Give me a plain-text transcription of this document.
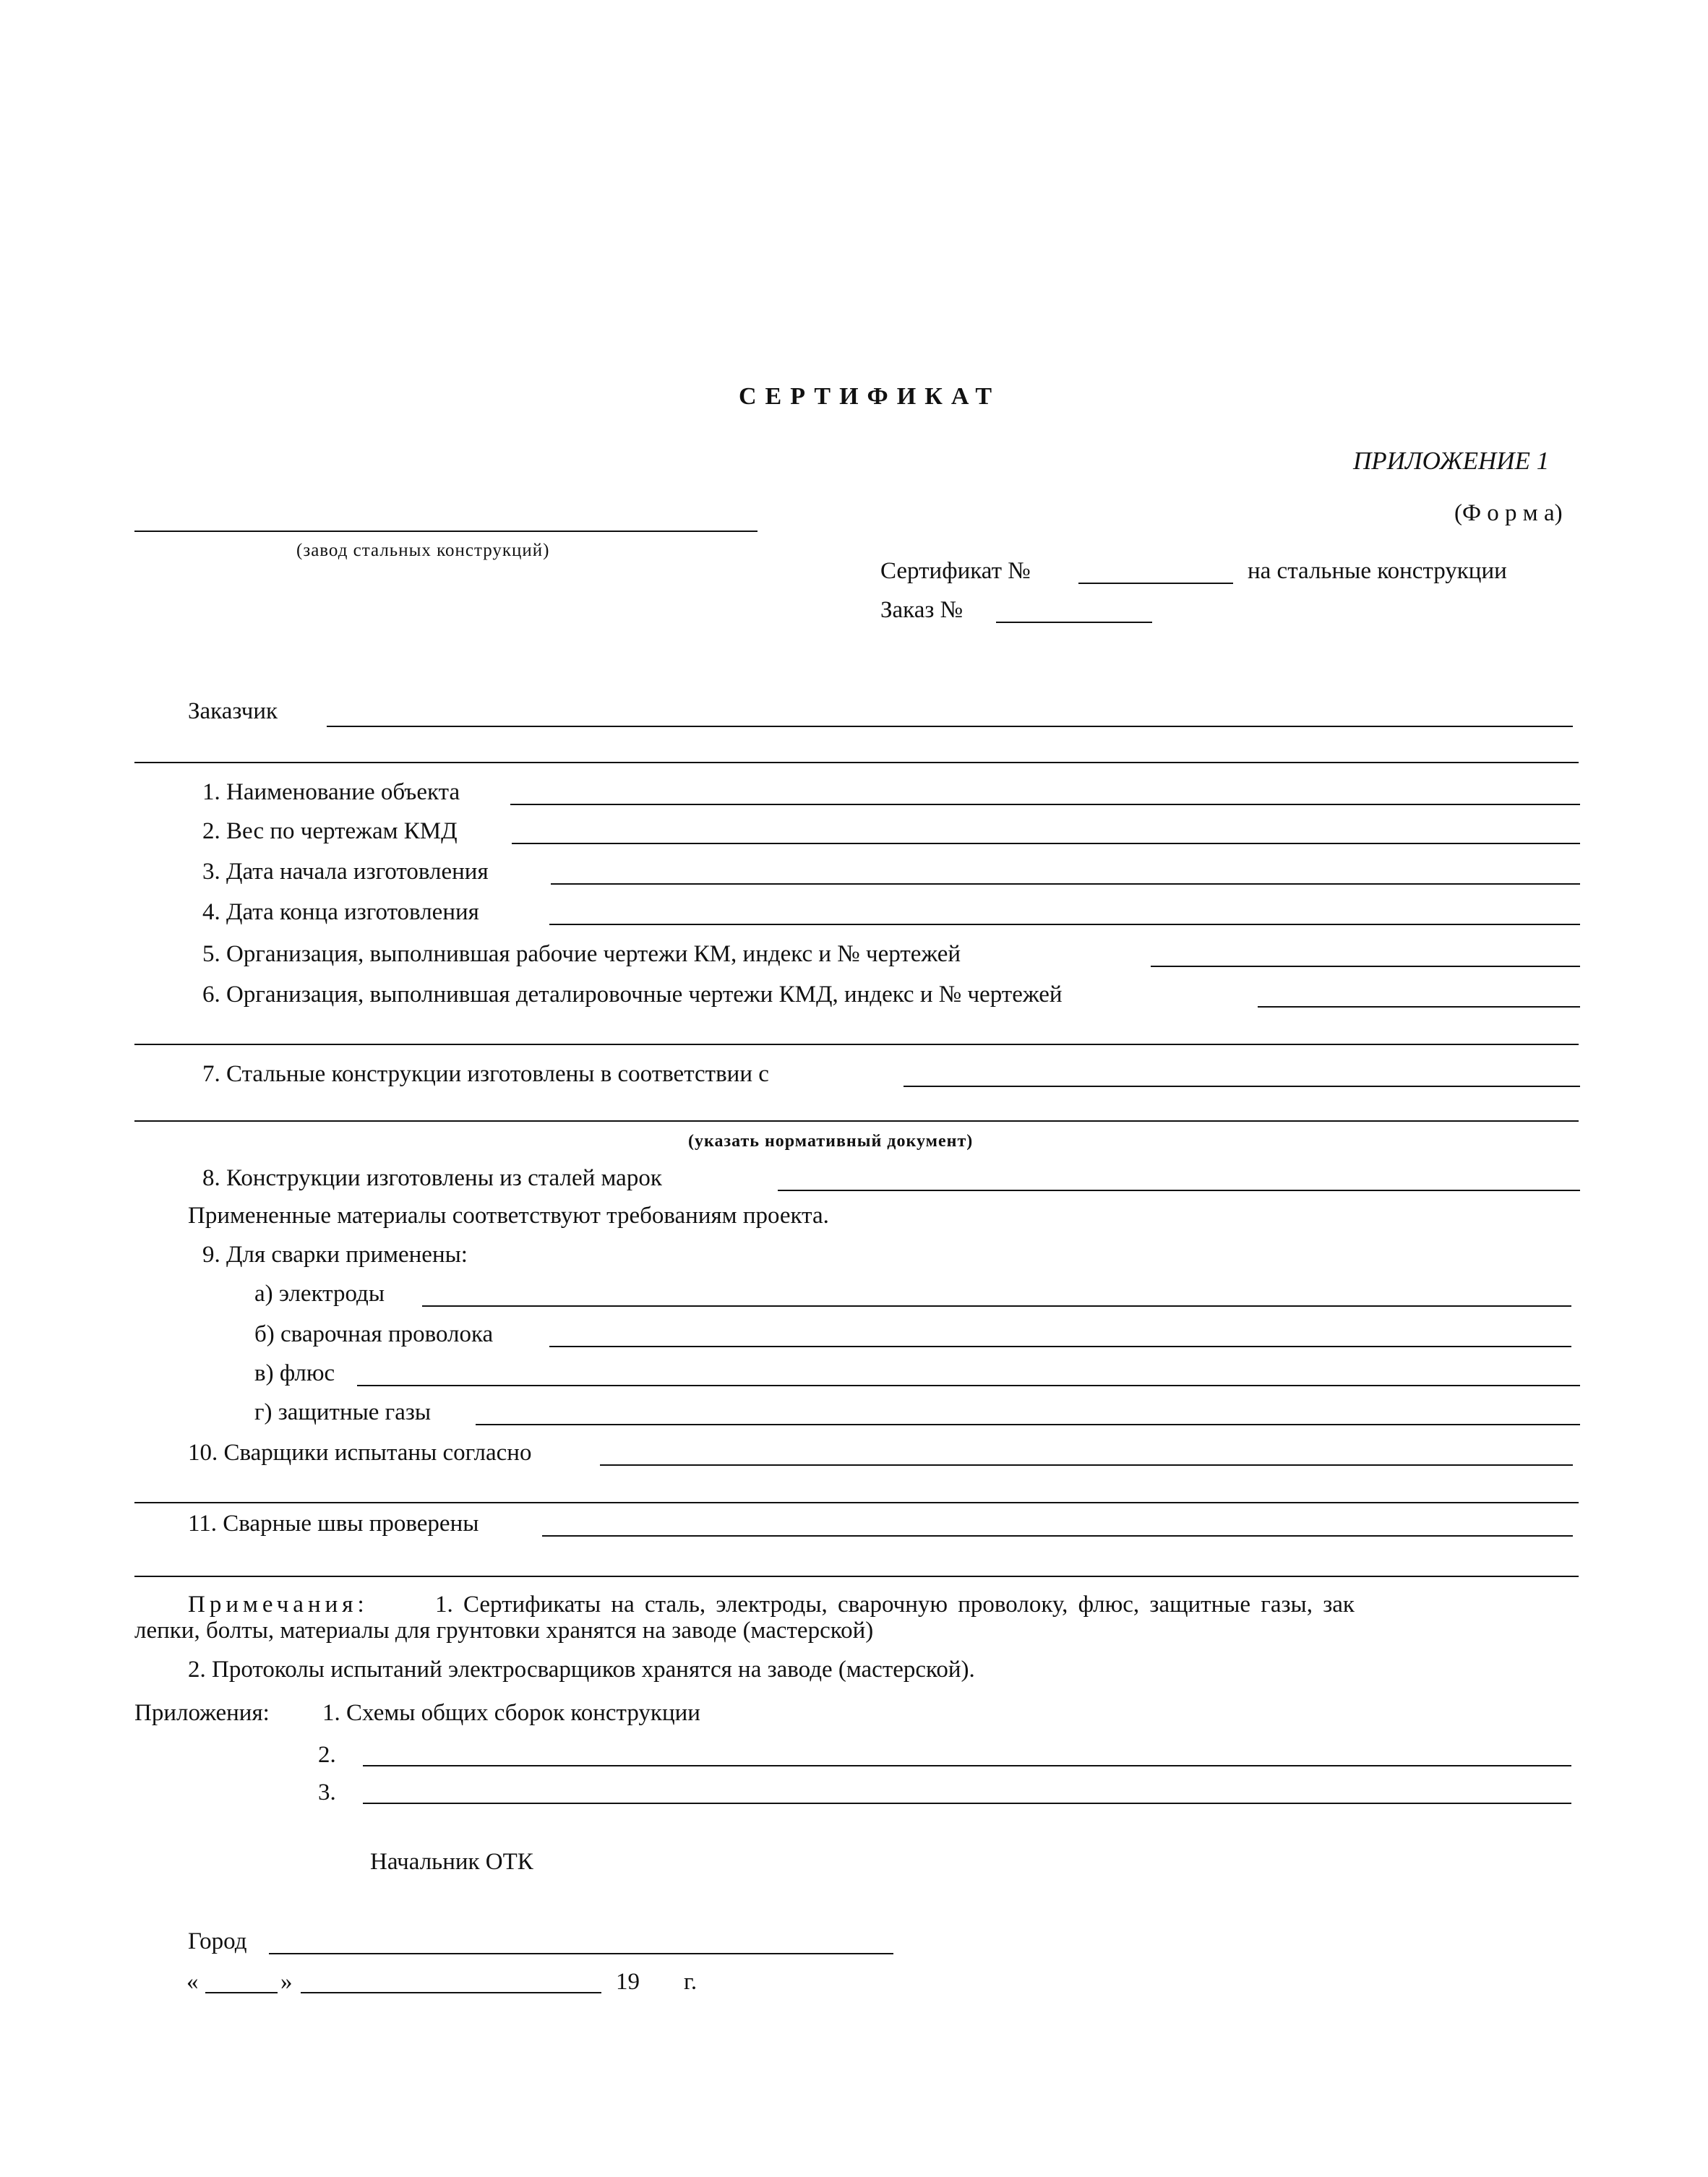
СЕРТИФИКАТ
ПРИЛОЖЕНИЕ 1
(Ф о р м а)
(завод стальных конструкций)
Сертификат №	на стальные конструкции
Заказ №
Заказчик
1. Наименование объекта
2. Вес по чертежам КМД
3. Дата начала изготовления
4. Дата конца изготовления
5. Организация, выполнившая рабочие чертежи КМ, индекс и № чертежей
6. Организация, выполнившая деталировочные чертежи КМД, индекс и № чертежей
7. Стальные конструкции изготовлены в соответствии с
(указать нормативный документ)
8. Конструкции изготовлены из сталей марок
Примененные материалы соответствуют требованиям проекта.
9. Для сварки применены:
а) электроды
б) сварочная проволока
в) флюс
г) защитные газы
10. Сварщики испытаны согласно
11. Сварные швы проверены
Примечания:	1. Сертификаты на сталь, электроды, сварочную проволоку, флюс, защитные газы, зак
лепки, болты, материалы для грунтовки хранятся на заводе (мастерской)
2. Протоколы испытаний электросварщиков хранятся на заводе (мастерской).
Приложения: 1. Схемы общих сборок конструкции
2.
3.
Начальник ОТК
Город
«	»	19 г.
